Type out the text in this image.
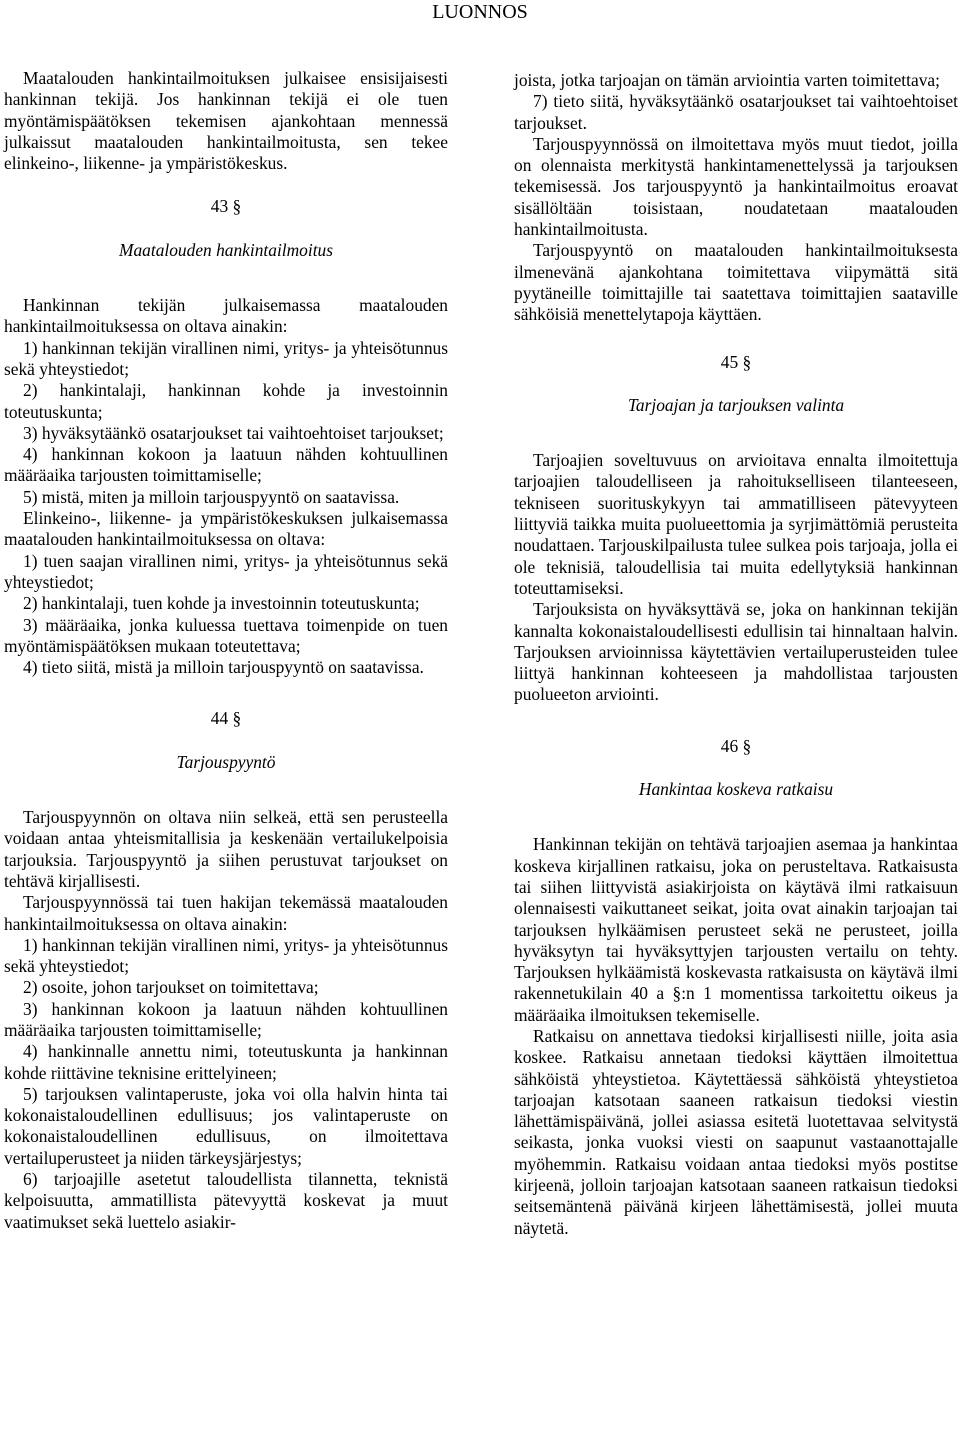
LUONNOS

Maatalouden hankintailmoituksen julkaisee ensisijaisesti hankinnan tekijä. Jos hankinnan tekijä ei ole tuen myöntämispäätöksen tekemisen ajankohtaan mennessä julkaissut maatalouden hankintailmoitusta, sen tekee elinkeino-, liikenne- ja ympäristökeskus.

43 §

Maatalouden hankintailmoitus

Hankinnan tekijän julkaisemassa maatalouden hankintailmoituksessa on oltava ainakin:

1) hankinnan tekijän virallinen nimi, yritys- ja yhteisötunnus sekä yhteystiedot;

2) hankintalaji, hankinnan kohde ja investoinnin toteutuskunta;

3) hyväksytäänkö osatarjoukset tai vaihtoehtoiset tarjoukset;

4) hankinnan kokoon ja laatuun nähden kohtuullinen määräaika tarjousten toimittamiselle;

5) mistä, miten ja milloin tarjouspyyntö on saatavissa.

Elinkeino-, liikenne- ja ympäristökeskuksen julkaisemassa maatalouden hankintailmoituksessa on oltava:

1) tuen saajan virallinen nimi, yritys- ja yhteisötunnus sekä yhteystiedot;

2) hankintalaji, tuen kohde ja investoinnin toteutuskunta;

3) määräaika, jonka kuluessa tuettava toimenpide on tuen myöntämispäätöksen mukaan toteutettava;

4) tieto siitä, mistä ja milloin tarjouspyyntö on saatavissa.

44 §

Tarjouspyyntö

Tarjouspyynnön on oltava niin selkeä, että sen perusteella voidaan antaa yhteismitallisia ja keskenään vertailukelpoisia tarjouksia. Tarjouspyyntö ja siihen perustuvat tarjoukset on tehtävä kirjallisesti.

Tarjouspyynnössä tai tuen hakijan tekemässä maatalouden hankintailmoituksessa on oltava ainakin:

1) hankinnan tekijän virallinen nimi, yritys- ja yhteisötunnus sekä yhteystiedot;

2) osoite, johon tarjoukset on toimitettava;

3) hankinnan kokoon ja laatuun nähden kohtuullinen määräaika tarjousten toimittamiselle;

4) hankinnalle annettu nimi, toteutuskunta ja hankinnan kohde riittävine teknisine erittelyineen;

5) tarjouksen valintaperuste, joka voi olla halvin hinta tai kokonaistaloudellinen edullisuus; jos valintaperuste on kokonaistaloudellinen edullisuus, on ilmoitettava vertailuperusteet ja niiden tärkeysjärjestys;

6) tarjoajille asetetut taloudellista tilannetta, teknistä kelpoisuutta, ammatillista pätevyyttä koskevat ja muut vaatimukset sekä luettelo asiakir-

joista, jotka tarjoajan on tämän arviointia varten toimitettava;

7) tieto siitä, hyväksytäänkö osatarjoukset tai vaihtoehtoiset tarjoukset.

Tarjouspyynnössä on ilmoitettava myös muut tiedot, joilla on olennaista merkitystä hankintamenettelyssä ja tarjouksen tekemisessä. Jos tarjouspyyntö ja hankintailmoitus eroavat sisällöltään toisistaan, noudatetaan maatalouden hankintailmoitusta.

Tarjouspyyntö on maatalouden hankintailmoituksesta ilmenevänä ajankohtana toimitettava viipymättä sitä pyytäneille toimittajille tai saatettava toimittajien saataville sähköisiä menettelytapoja käyttäen.

45 §

Tarjoajan ja tarjouksen valinta

Tarjoajien soveltuvuus on arvioitava ennalta ilmoitettuja tarjoajien taloudelliseen ja rahoitukselliseen tilanteeseen, tekniseen suorituskykyyn tai ammatilliseen pätevyyteen liittyviä taikka muita puolueettomia ja syrjimättömiä perusteita noudattaen. Tarjouskilpailusta tulee sulkea pois tarjoaja, jolla ei ole teknisiä, taloudellisia tai muita edellytyksiä hankinnan toteuttamiseksi.

Tarjouksista on hyväksyttävä se, joka on hankinnan tekijän kannalta kokonaistaloudellisesti edullisin tai hinnaltaan halvin. Tarjouksen arvioinnissa käytettävien vertailuperusteiden tulee liittyä hankinnan kohteeseen ja mahdollistaa tarjousten puolueeton arviointi.

46 §

Hankintaa koskeva ratkaisu

Hankinnan tekijän on tehtävä tarjoajien asemaa ja hankintaa koskeva kirjallinen ratkaisu, joka on perusteltava. Ratkaisusta tai siihen liittyvistä asiakirjoista on käytävä ilmi ratkaisuun olennaisesti vaikuttaneet seikat, joita ovat ainakin tarjoajan tai tarjouksen hylkäämisen perusteet sekä ne perusteet, joilla hyväksytyn tai hyväksyttyjen tarjousten vertailu on tehty. Tarjouksen hylkäämistä koskevasta ratkaisusta on käytävä ilmi rakennetukilain 40 a §:n 1 momentissa tarkoitettu oikeus ja määräaika ilmoituksen tekemiselle.

Ratkaisu on annettava tiedoksi kirjallisesti niille, joita asia koskee. Ratkaisu annetaan tiedoksi käyttäen ilmoitettua sähköistä yhteystietoa. Käytettäessä sähköistä yhteystietoa tarjoajan katsotaan saaneen ratkaisun tiedoksi viestin lähettämispäivänä, jollei asiassa esitetä luotettavaa selvitystä seikasta, jonka vuoksi viesti on saapunut vastaanottajalle myöhemmin. Ratkaisu voidaan antaa tiedoksi myös postitse kirjeenä, jolloin tarjoajan katsotaan saaneen ratkaisun tiedoksi seitsemäntenä päivänä kirjeen lähettämisestä, jollei muuta näytetä.
